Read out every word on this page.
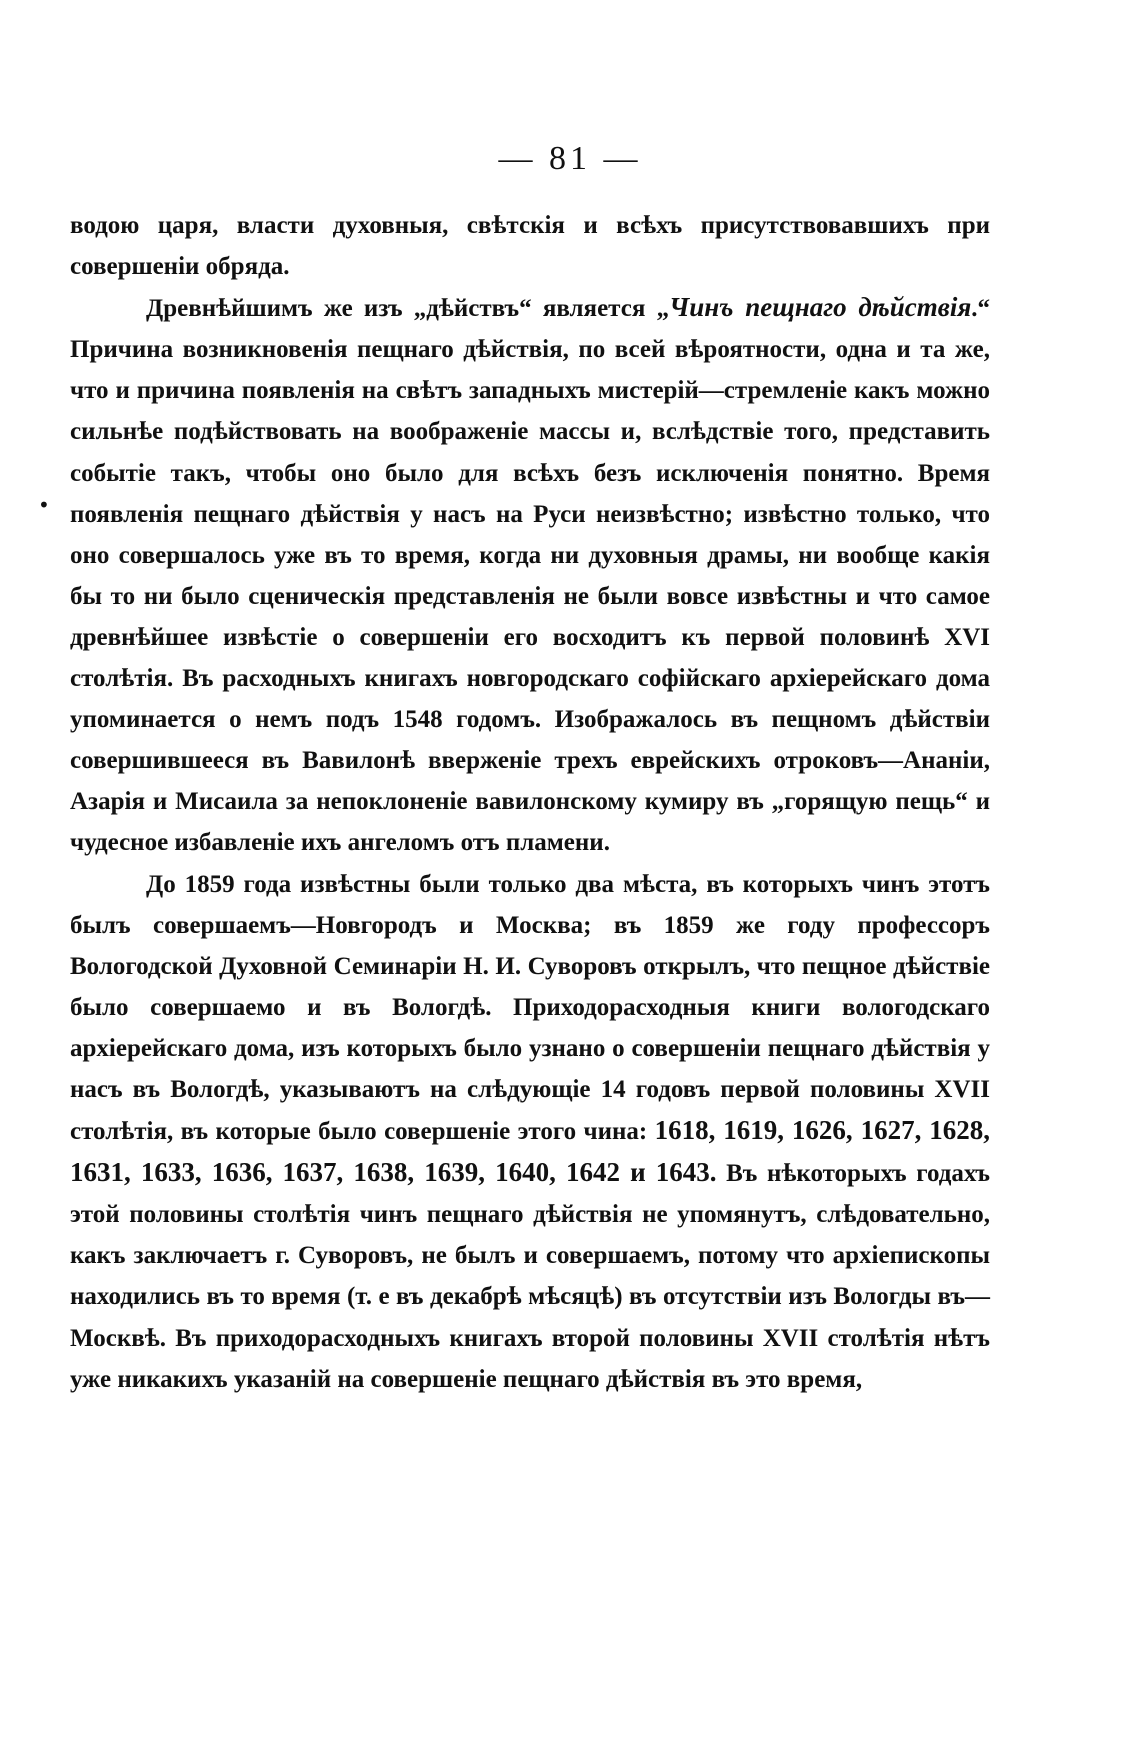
— 81 —
•

водою царя, власти духовныя, свѣтскія и всѣхъ присутствовавшихъ при совершеніи обряда.

Древнѣйшимъ же изъ „дѣйствъ“ является „Чинъ пещнаго дѣйствія.“ Причина возникновенія пещнаго дѣйствія, по всей вѣроятности, одна и та же, что и причина появленія на свѣтъ западныхъ мистерій—стремленіе какъ можно сильнѣе подѣйствовать на воображеніе массы и, вслѣдствіе того, представить событіе такъ, чтобы оно было для всѣхъ безъ исключенія понятно. Время появленія пещнаго дѣйствія у насъ на Руси неизвѣстно; извѣстно только, что оно совершалось уже въ то время, когда ни духовныя драмы, ни вообще какія бы то ни было сценическія представленія не были вовсе извѣстны и что самое древнѣйшее извѣстіе о совершеніи его восходитъ къ первой половинѣ XVI столѣтія. Въ расходныхъ книгахъ новгородскаго софійскаго архіерейскаго дома упоминается о немъ подъ 1548 годомъ. Изображалось въ пещномъ дѣйствіи совершившееся въ Вавилонѣ вверженіе трехъ еврейскихъ отроковъ—Ананіи, Азарія и Мисаила за непоклоненіе вавилонскому кумиру въ „горящую пещь“ и чудесное избавленіе ихъ ангеломъ отъ пламени.

До 1859 года извѣстны были только два мѣста, въ которыхъ чинъ этотъ былъ совершаемъ—Новгородъ и Москва; въ 1859 же году профессоръ Вологодской Духовной Семинаріи Н. И. Суворовъ открылъ, что пещное дѣйствіе было совершаемо и въ Вологдѣ. Приходорасходныя книги вологодскаго архіерейскаго дома, изъ которыхъ было узнано о совершеніи пещнаго дѣйствія у насъ въ Вологдѣ, указываютъ на слѣдующіе 14 годовъ первой половины XVII столѣтія, въ которые было совершеніе этого чина: 1618, 1619, 1626, 1627, 1628, 1631, 1633, 1636, 1637, 1638, 1639, 1640, 1642 и 1643. Въ нѣкоторыхъ годахъ этой половины столѣтія чинъ пещнаго дѣйствія не упомянутъ, слѣдовательно, какъ заключаетъ г. Суворовъ, не былъ и совершаемъ, потому что архіепископы находились въ то время (т. е въ декабрѣ мѣсяцѣ) въ отсутствіи изъ Вологды въ—Москвѣ. Въ приходорасходныхъ книгахъ второй половины XVII столѣтія нѣтъ уже никакихъ указаній на совершеніе пещнаго дѣйствія въ это время,
